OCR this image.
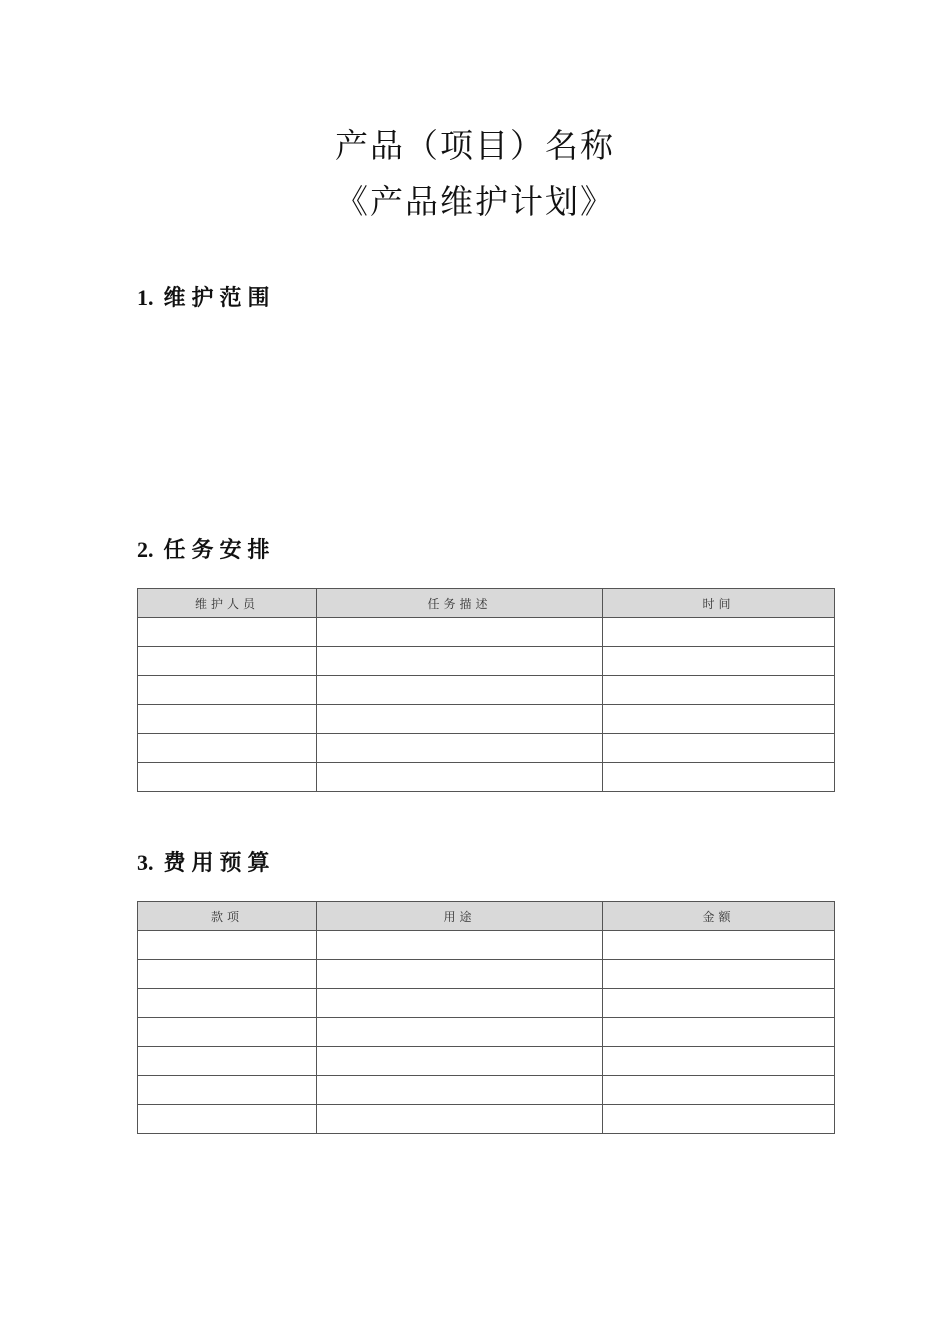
产品（项目）名称
《产品维护计划》
1. 维护范围
2. 任务安排
维护人员	任务描述	时间

3. 费用预算
款项	用途	金额
